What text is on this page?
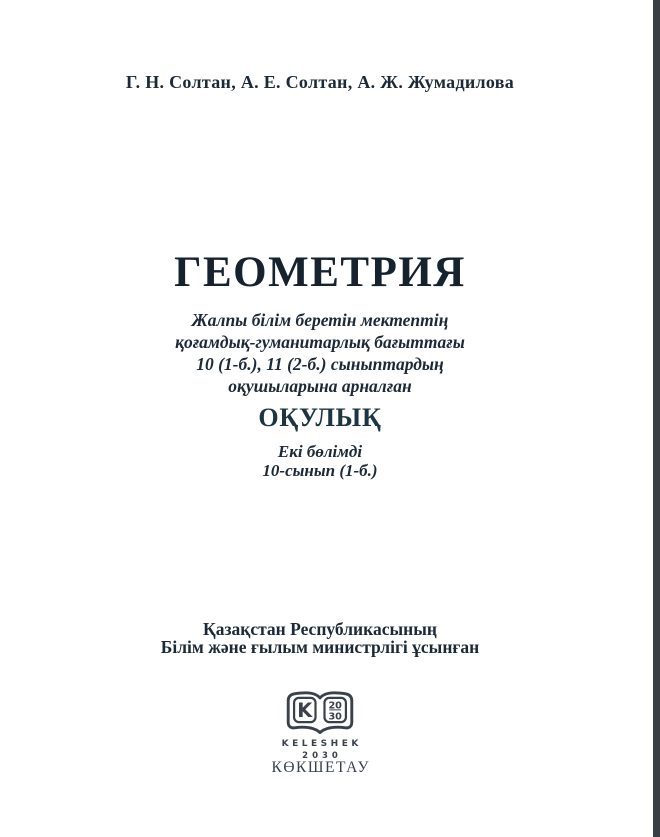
Г. Н. Солтан, А. Е. Солтан, А. Ж. Жумадилова
ГЕОМЕТРИЯ
Жалпы білім беретін мектептің
қоғамдық-гуманитарлық бағыттағы
10 (1-б.), 11 (2-б.) сыныптардың
оқушыларына арналған
ОҚУЛЫҚ
Екі бөлімді
10-сынып (1-б.)
Қазақстан Республикасының
Білім және ғылым министрлігі ұсынған
K 20
30
KELESHEK
2030
КӨКШЕТАУ
